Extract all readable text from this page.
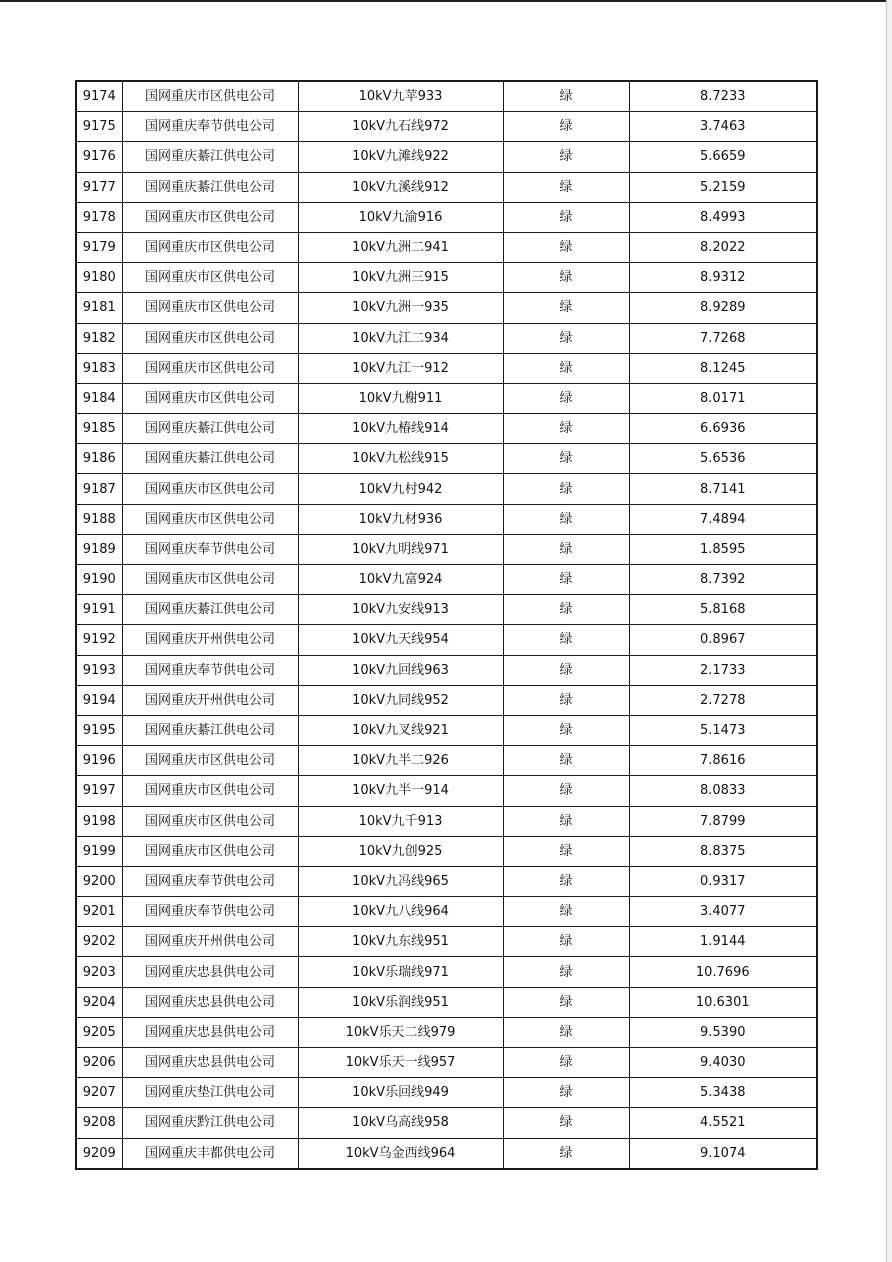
9174	国网重庆市区供电公司	10kV九苹933	绿	8.7233
9175	国网重庆奉节供电公司	10kV九石线972	绿	3.7463
9176	国网重庆綦江供电公司	10kV九滩线922	绿	5.6659
9177	国网重庆綦江供电公司	10kV九溪线912	绿	5.2159
9178	国网重庆市区供电公司	10kV九渝916	绿	8.4993
9179	国网重庆市区供电公司	10kV九洲二941	绿	8.2022
9180	国网重庆市区供电公司	10kV九洲三915	绿	8.9312
9181	国网重庆市区供电公司	10kV九洲一935	绿	8.9289
9182	国网重庆市区供电公司	10kV九江二934	绿	7.7268
9183	国网重庆市区供电公司	10kV九江一912	绿	8.1245
9184	国网重庆市区供电公司	10kV九榭911	绿	8.0171
9185	国网重庆綦江供电公司	10kV九椿线914	绿	6.6936
9186	国网重庆綦江供电公司	10kV九松线915	绿	5.6536
9187	国网重庆市区供电公司	10kV九村942	绿	8.7141
9188	国网重庆市区供电公司	10kV九材936	绿	7.4894
9189	国网重庆奉节供电公司	10kV九明线971	绿	1.8595
9190	国网重庆市区供电公司	10kV九富924	绿	8.7392
9191	国网重庆綦江供电公司	10kV九安线913	绿	5.8168
9192	国网重庆开州供电公司	10kV九天线954	绿	0.8967
9193	国网重庆奉节供电公司	10kV九回线963	绿	2.1733
9194	国网重庆开州供电公司	10kV九同线952	绿	2.7278
9195	国网重庆綦江供电公司	10kV九叉线921	绿	5.1473
9196	国网重庆市区供电公司	10kV九半二926	绿	7.8616
9197	国网重庆市区供电公司	10kV九半一914	绿	8.0833
9198	国网重庆市区供电公司	10kV九千913	绿	7.8799
9199	国网重庆市区供电公司	10kV九创925	绿	8.8375
9200	国网重庆奉节供电公司	10kV九冯线965	绿	0.9317
9201	国网重庆奉节供电公司	10kV九八线964	绿	3.4077
9202	国网重庆开州供电公司	10kV九东线951	绿	1.9144
9203	国网重庆忠县供电公司	10kV乐瑞线971	绿	10.7696
9204	国网重庆忠县供电公司	10kV乐润线951	绿	10.6301
9205	国网重庆忠县供电公司	10kV乐天二线979	绿	9.5390
9206	国网重庆忠县供电公司	10kV乐天一线957	绿	9.4030
9207	国网重庆垫江供电公司	10kV乐回线949	绿	5.3438
9208	国网重庆黔江供电公司	10kV乌高线958	绿	4.5521
9209	国网重庆丰都供电公司	10kV乌金西线964	绿	9.1074
